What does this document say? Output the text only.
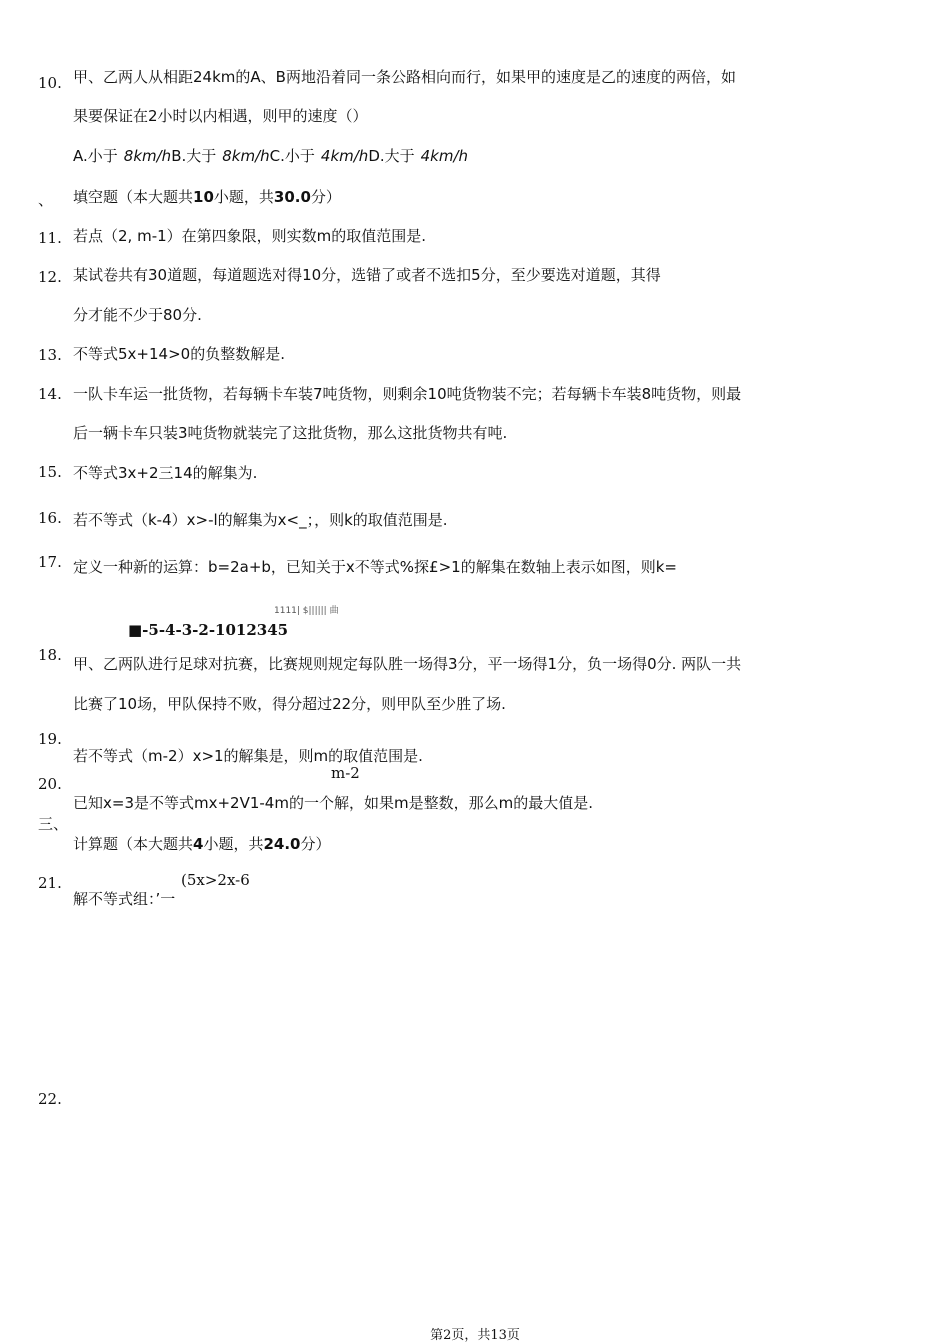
10. 甲、乙两人从相距24km的A、B两地沿着同一条公路相向而行，如果甲的速度是乙的速度的两倍，如
果要保证在2小时以内相遇，则甲的速度（）
A.小于 8km/hB.大于 8km/hC.小于 4km/hD.大于 4km/h
、 填空题（本大题共10小题，共30.0分）
11. 若点（2, m-1）在第四象限，则实数m的取值范围是.
12. 某试卷共有30道题，每道题选对得10分，选错了或者不选扣5分，至少要选对道题，其得
分才能不少于80分.
13. 不等式5x+14>0的负整数解是.
14. 一队卡车运一批货物，若每辆卡车装7吨货物，则剩余10吨货物装不完；若每辆卡车装8吨货物，则最
后一辆卡车只装3吨货物就装完了这批货物，那么这批货物共有吨.
15. 不等式3x+2三14的解集为.
16. 若不等式（k-4）x>-l的解集为x<_；，则k的取值范围是.
17. 定义一种新的运算：b=2a+b，已知关于x不等式%探£>1的解集在数轴上表示如图，则k=
1111| $|||||| 曲
■-5-4-3-2-1012345
18. 甲、乙两队进行足球对抗赛，比赛规则规定每队胜一场得3分，平一场得1分，负一场得0分. 两队一共
比赛了10场，甲队保持不败，得分超过22分，则甲队至少胜了场.
19.
若不等式（m-2）x>1的解集是，则m的取值范围是.
m-2
20.
已知x=3是不等式mx+2V1-4m的一个解，如果m是整数，那么m的最大值是.
三、
计算题（本大题共4小题，共24.0分）
21.	(5x>2x-6
解不等式组：’一
22.
第2页，共13页
